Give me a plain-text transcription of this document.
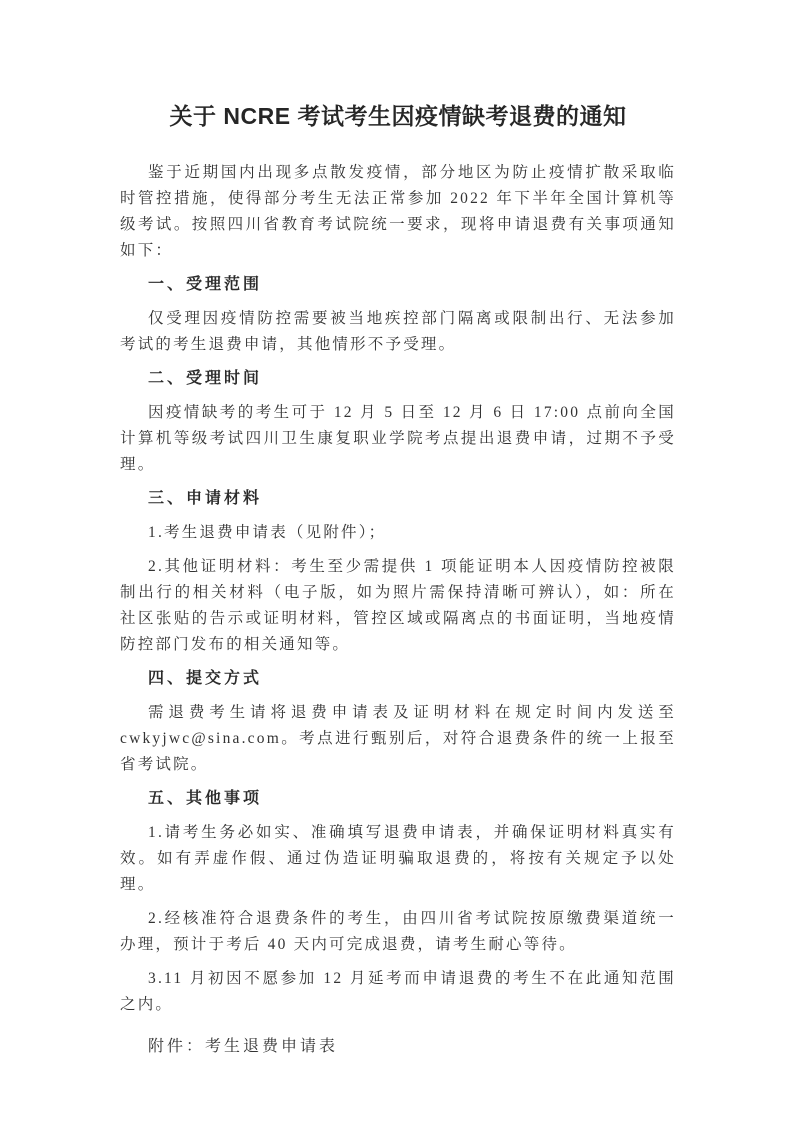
关于 NCRE 考试考生因疫情缺考退费的通知

鉴于近期国内出现多点散发疫情，部分地区为防止疫情扩散采取临时管控措施，使得部分考生无法正常参加 2022 年下半年全国计算机等级考试。按照四川省教育考试院统一要求，现将申请退费有关事项通知如下：

一、受理范围

仅受理因疫情防控需要被当地疾控部门隔离或限制出行、无法参加考试的考生退费申请，其他情形不予受理。

二、受理时间

因疫情缺考的考生可于 12 月 5 日至 12 月 6 日 17:00 点前向全国计算机等级考试四川卫生康复职业学院考点提出退费申请，过期不予受理。

三、申请材料

1.考生退费申请表（见附件）；

2.其他证明材料：考生至少需提供 1 项能证明本人因疫情防控被限制出行的相关材料（电子版，如为照片需保持清晰可辨认），如：所在社区张贴的告示或证明材料，管控区域或隔离点的书面证明，当地疫情防控部门发布的相关通知等。

四、提交方式

需退费考生请将退费申请表及证明材料在规定时间内发送至 cwkyjwc@sina.com。考点进行甄别后，对符合退费条件的统一上报至省考试院。

五、其他事项

1.请考生务必如实、准确填写退费申请表，并确保证明材料真实有效。如有弄虚作假、通过伪造证明骗取退费的，将按有关规定予以处理。

2.经核准符合退费条件的考生，由四川省考试院按原缴费渠道统一办理，预计于考后 40 天内可完成退费，请考生耐心等待。

3.11 月初因不愿参加 12 月延考而申请退费的考生不在此通知范围之内。

附件：考生退费申请表
